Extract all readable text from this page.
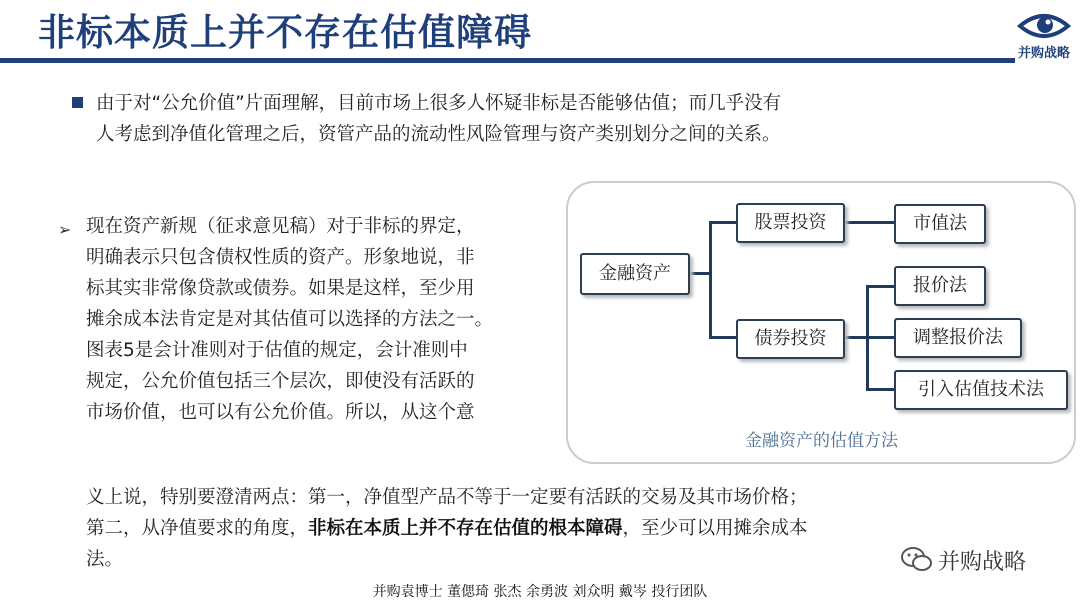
非标本质上并不存在估值障碍	并购战略
由于对“公允价值”片面理解，目前市场上很多人怀疑非标是否能够估值；而几乎没有
人考虑到净值化管理之后，资管产品的流动性风险管理与资产类别划分之间的关系。
➢ 现在资产新规（征求意见稿）对于非标的界定，
明确表示只包含债权性质的资产。形象地说，非
标其实非常像贷款或债券。如果是这样，至少用
摊余成本法肯定是对其估值可以选择的方法之一。
图表5是会计准则对于估值的规定，会计准则中
规定，公允价值包括三个层次，即使没有活跃的
市场价值，也可以有公允价值。所以，从这个意
义上说，特别要澄清两点：第一，净值型产品不等于一定要有活跃的交易及其市场价格；
第二，从净值要求的角度，非标在本质上并不存在估值的根本障碍，至少可以用摊余成本
法。
金融资产
股票投资
债券投资
市值法
报价法
调整报价法
引入估值技术法
金融资产的估值方法
并购战略
并购袁博士 董偲琦 张杰 余勇波 刘众明 戴岑 投行团队
